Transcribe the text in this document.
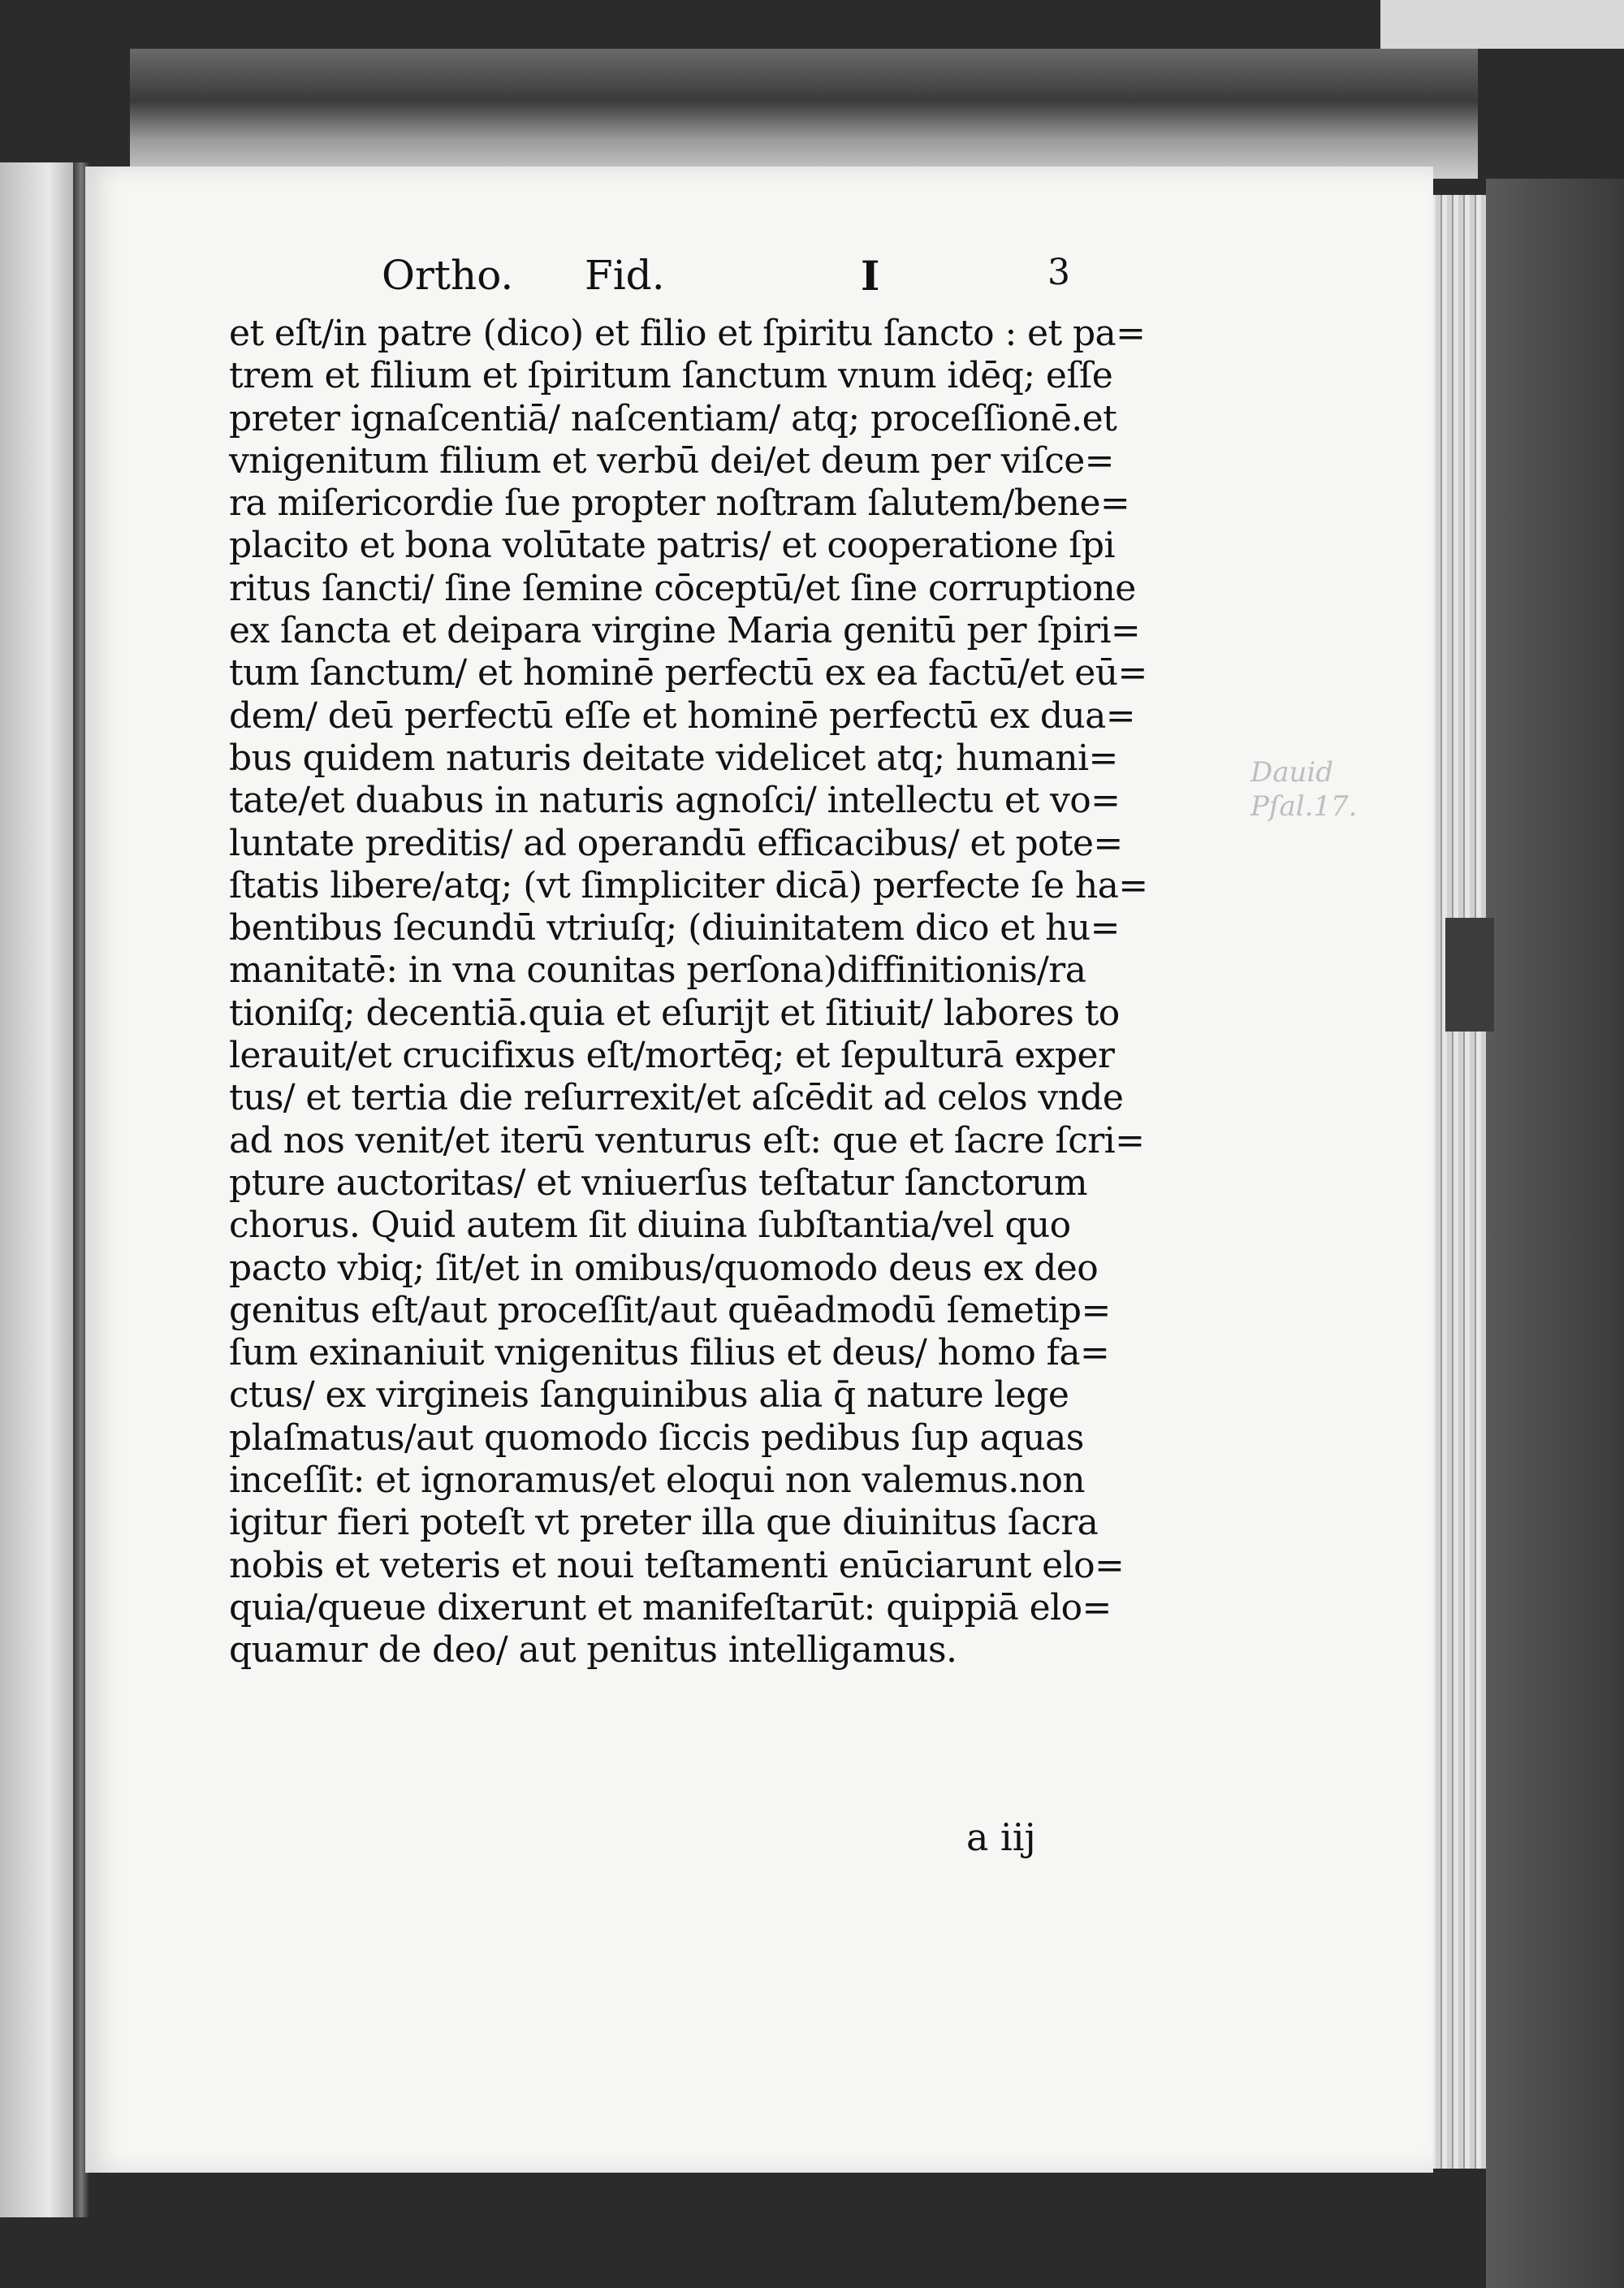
Ortho. Fid.	I	3
et eſt/in patre (dico) et filio et ſpiritu ſancto : et pa=
trem et filium et ſpiritum ſanctum vnum idēq; eſſe
preter ignaſcentiā/ naſcentiam/ atq; proceſſionē.et
vnigenitum filium et verbū dei/et deum per viſce=
ra miſericordie ſue propter noſtram ſalutem/bene=
placito et bona volūtate patris/ et cooperatione ſpi
ritus ſancti/ ſine ſemine cōceptū/et ſine corruptione
ex ſancta et deipara virgine Maria genitū per ſpiri=
tum ſanctum/ et hominē perfectū ex ea factū/et eū=
dem/ deū perfectū eſſe et hominē perfectū ex dua=
bus quidem naturis deitate videlicet atq; humani=
tate/et duabus in naturis agnoſci/ intellectu et vo=
luntate preditis/ ad operandū efficacibus/ et pote=
ſtatis libere/atq; (vt ſimpliciter dicā) perfecte ſe ha=
bentibus ſecundū vtriuſq; (diuinitatem dico et hu=
manitatē: in vna counitas perſona)diffinitionis/ra
tioniſq; decentiā.quia et eſurijt et ſitiuit/ labores to
lerauit/et crucifixus eſt/mortēq; et ſepulturā exper
tus/ et tertia die reſurrexit/et aſcēdit ad celos vnde
ad nos venit/et iterū venturus eſt: que et ſacre ſcri=
pture auctoritas/ et vniuerſus teſtatur ſanctorum
chorus. Quid autem ſit diuina ſubſtantia/vel quo
pacto vbiq; ſit/et in omibus/quomodo deus ex deo
genitus eſt/aut proceſſit/aut quēadmodū ſemetip=
ſum exinaniuit vnigenitus filius et deus/ homo fa=
ctus/ ex virgineis ſanguinibus alia q̄ nature lege
plaſmatus/aut quomodo ſiccis pedibus ſup aquas
inceſſit: et ignoramus/et eloqui non valemus.non
igitur fieri poteſt vt preter illa que diuinitus ſacra
nobis et veteris et noui teſtamenti enūciarunt elo=
quia/queue dixerunt et manifeſtarūt: quippiā elo=
quamur de deo/ aut penitus intelligamus.
a iij
Dauid
Pſal.17.
